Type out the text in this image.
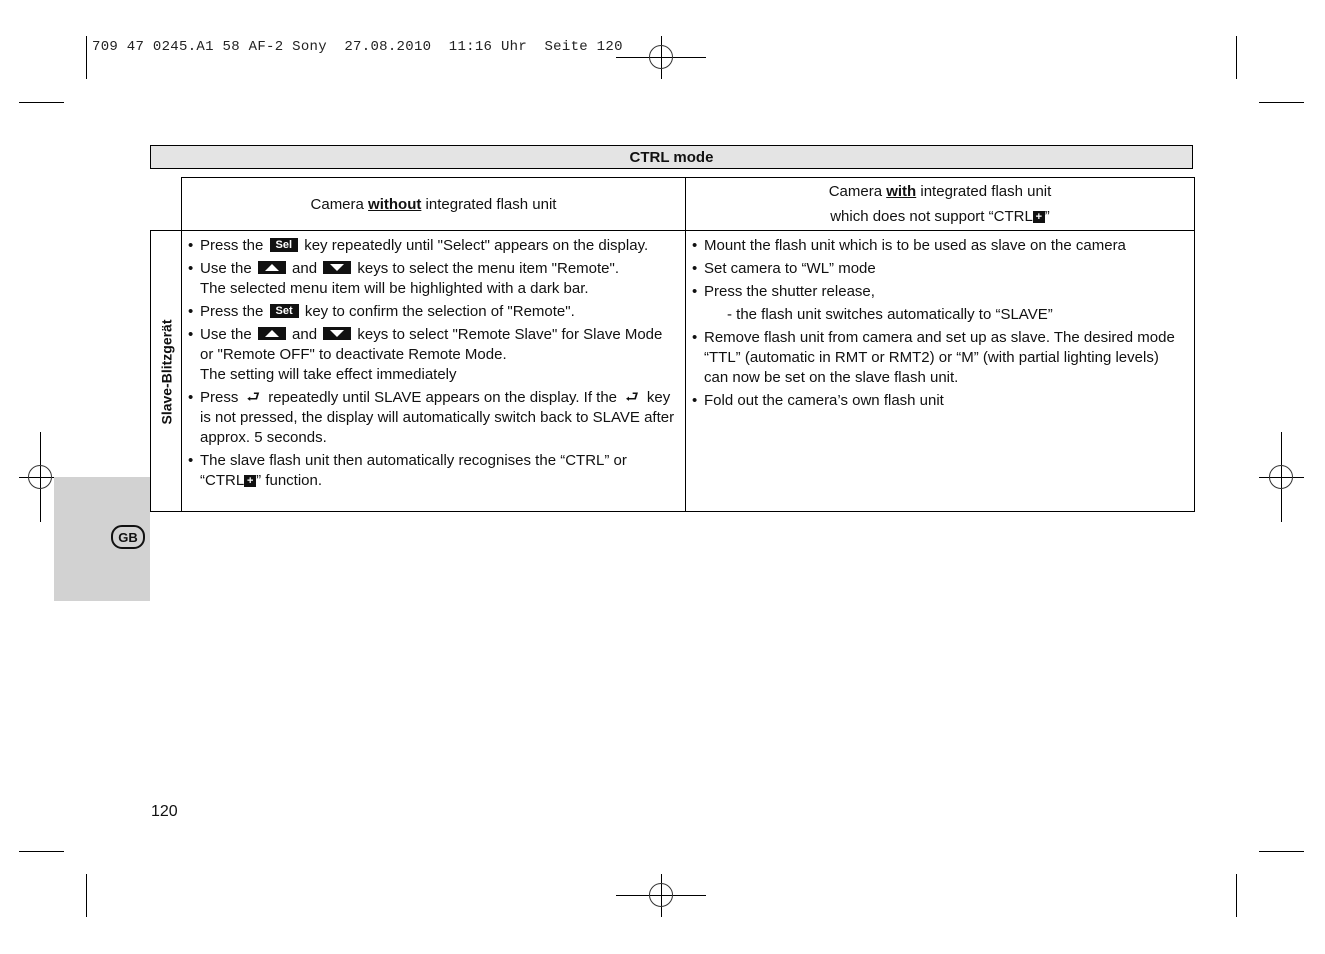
709 47 0245.A1 58 AF-2 Sony  27.08.2010  11:16 Uhr  Seite 120
GB
CTRL mode
Camera without integrated flash unit
Camera with integrated flash unit
which does not support “CTRL + ”
Slave-Blitzgerät
• Press the Sel key repeatedly until "Select" appears on the display.
• Use the  and  keys to select the menu item "Remote".
The selected menu item will be highlighted with a dark bar.
• Press the Set key to confirm the selection of "Remote".
• Use the  and  keys to select "Remote Slave" for Slave Mode or "Remote OFF" to deactivate Remote Mode.
The setting will take effect immediately
• Press ⮐ repeatedly until SLAVE appears on the display. If the ⮐ key is not pressed, the display will automatically switch back to SLAVE after approx. 5 seconds.
• The slave flash unit then automatically recognises the “CTRL” or “CTRL + ” function.
• Mount the flash unit which is to be used as slave on the camera
• Set camera to “WL” mode
• Press the shutter release,
- the flash unit switches automatically to “SLAVE”
• Remove flash unit from camera and set up as slave. The desired mode “TTL” (automatic in RMT or RMT2) or “M” (with partial lighting levels) can now be set on the slave flash unit.
• Fold out the camera’s own flash unit
120
